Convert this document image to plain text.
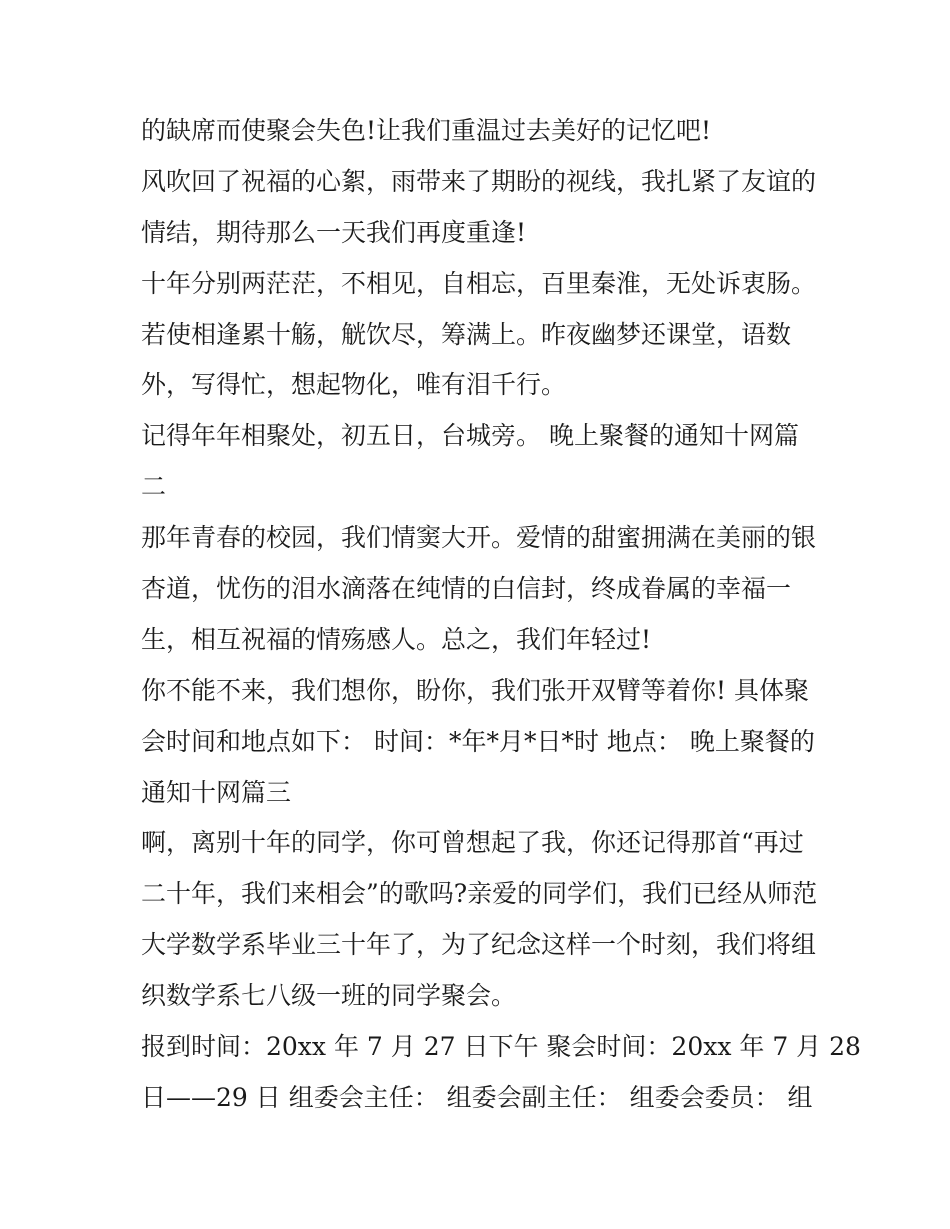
的缺席而使聚会失色!让我们重温过去美好的记忆吧!

风吹回了祝福的心絮，雨带来了期盼的视线，我扎紧了友谊的

情结，期待那么一天我们再度重逢!

十年分别两茫茫，不相见，自相忘，百里秦淮，无处诉衷肠。

若使相逢累十觞，觥饮尽，筹满上。昨夜幽梦还课堂，语数

外，写得忙，想起物化，唯有泪千行。

记得年年相聚处，初五日，台城旁。 晚上聚餐的通知十网篇

二

那年青春的校园，我们情窦大开。爱情的甜蜜拥满在美丽的银

杏道，忧伤的泪水滴落在纯情的白信封，终成眷属的幸福一

生，相互祝福的情殇感人。总之，我们年轻过!

你不能不来，我们想你，盼你，我们张开双臂等着你! 具体聚

会时间和地点如下： 时间：*年*月*日*时 地点： 晚上聚餐的

通知十网篇三

啊，离别十年的同学，你可曾想起了我，你还记得那首“再过

二十年，我们来相会”的歌吗?亲爱的同学们，我们已经从师范

大学数学系毕业三十年了，为了纪念这样一个时刻，我们将组

织数学系七八级一班的同学聚会。

报到时间：20xx 年 7 月 27 日下午 聚会时间：20xx 年 7 月 28

日——29 日 组委会主任： 组委会副主任： 组委会委员： 组
